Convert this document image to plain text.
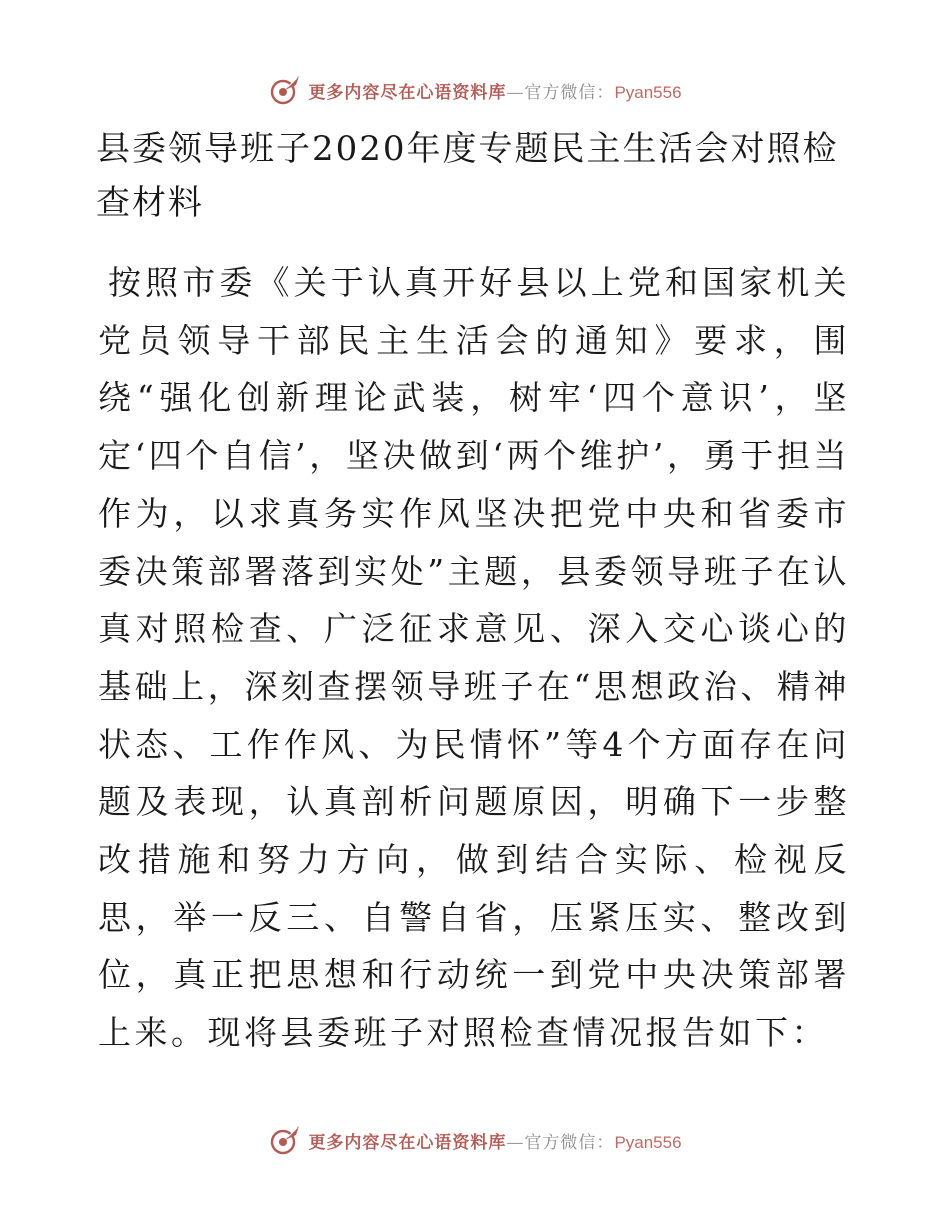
更多内容尽在心语资料库—官方微信：Pyan556
县委领导班子2020年度专题民主生活会对照检查材料

按照市委《关于认真开好县以上党和国家机关党员领导干部民主生活会的通知》要求，围绕“强化创新理论武装，树牢‘四个意识’，坚定‘四个自信’，坚决做到‘两个维护’，勇于担当作为，以求真务实作风坚决把党中央和省委市委决策部署落到实处”主题，县委领导班子在认真对照检查、广泛征求意见、深入交心谈心的基础上，深刻查摆领导班子在“思想政治、精神状态、工作作风、为民情怀”等4个方面存在问题及表现，认真剖析问题原因，明确下一步整改措施和努力方向，做到结合实际、检视反思，举一反三、自警自省，压紧压实、整改到位，真正把思想和行动统一到党中央决策部署上来。现将县委班子对照检查情况报告如下：

更多内容尽在心语资料库—官方微信：Pyan556
